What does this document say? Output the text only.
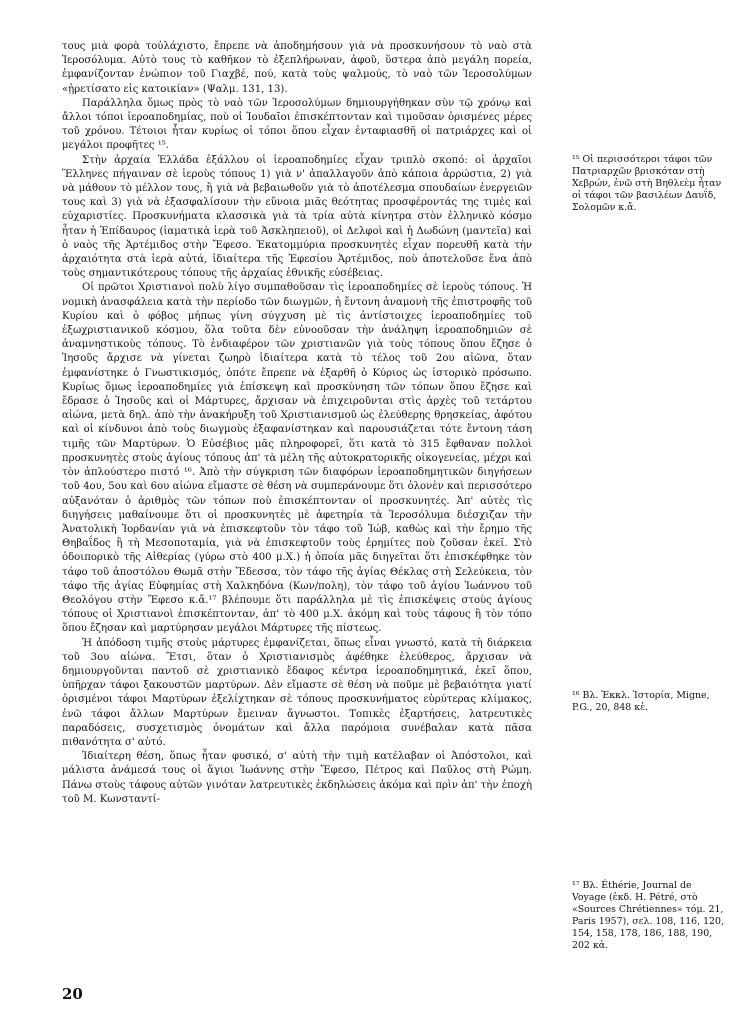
τους μιὰ φορὰ τοὐλάχιστο, ἔπρεπε νὰ ἀποδημήσουν γιὰ νὰ προσκυνήσουν τὸ ναὸ στὰ Ἱεροσόλυμα. Αὐτὸ τους τὸ καθῆκον τὸ ἐξεπλήρωναν, ἀφοῦ, ὕστερα ἀπὸ μεγάλη πορεία, ἐμφανίζονταν ἐνώπιον τοῦ Γιαχβέ, πού, κατὰ τοὺς ψαλμούς, τὸ ναὸ τῶν Ἱεροσολύμων «ᾑρετίσατο εἰς κατοικίαν» (Ψαλμ. 131, 13).

Παράλληλα ὅμως πρὸς τὸ ναὸ τῶν Ἱεροσολύμων δημιουργήθηκαν σὺν τῷ χρόνῳ καὶ ἄλλοι τόποι ἱεροαποδημίας, ποὺ οἱ Ἰουδαῖοι ἐπισκέπτονταν καὶ τιμοῦσαν ὁρισμένες μέρες τοῦ χρόνου. Τέτοιοι ἦταν κυρίως οἱ τόποι ὅπου εἶχαν ἐνταφιασθῆ οἱ πατριάρχες καὶ οἱ μεγάλοι προφῆτες ¹⁵.

Στὴν ἀρχαία Ἑλλάδα ἐξάλλου οἱ ἱεροαποδημίες εἶχαν τριπλὸ σκοπό: οἱ ἀρχαῖοι Ἕλληνες πήγαιναν σὲ ἱεροὺς τόπους 1) γιὰ ν' ἀπαλλαγοῦν ἀπὸ κάποια ἀρρώστια, 2) γιὰ νὰ μάθουν τὸ μέλλον τους, ἢ γιὰ νὰ βεβαιωθοῦν γιὰ τὸ ἀποτέλεσμα σπουδαίων ἐνεργειῶν τους καὶ 3) γιὰ νὰ ἐξασφαλίσουν τὴν εὔνοια μιᾶς θεότητας προσφέροντάς της τιμὲς καὶ εὐχαριστίες. Προσκυνήματα κλασσικὰ γιὰ τὰ τρία αὐτὰ κίνητρα στὸν ἑλληνικὸ κόσμο ἦταν ἡ Ἐπίδαυρος (ἰαματικὰ ἱερὰ τοῦ Ἀσκληπειοῦ), οἱ Δελφοὶ καὶ ἡ Δωδώνη (μαντεῖα) καὶ ὁ ναὸς τῆς Ἀρτέμιδος στὴν Ἔφεσο. Ἑκατομμύρια προσκυνητὲς εἶχαν πορευθῆ κατὰ τὴν ἀρχαιότητα στὰ ἱερὰ αὐτά, ἰδιαίτερα τῆς Ἐφεσίου Ἀρτέμιδος, ποὺ ἀποτελοῦσε ἕνα ἀπὸ τοὺς σημαντικότερους τόπους τῆς ἀρχαίας ἐθνικῆς εὐσέβειας.

Οἱ πρῶτοι Χριστιανοὶ πολὺ λίγο συμπαθοῦσαν τὶς ἱεροαποδημίες σὲ ἱεροὺς τόπους. Ἡ νομικὴ ἀνασφάλεια κατὰ τὴν περίοδο τῶν διωγμῶν, ἡ ἔντονη ἀναμονὴ τῆς ἐπιστροφῆς τοῦ Κυρίου καὶ ὁ φόβος μήπως γίνη σύγχυση μὲ τὶς ἀντίστοιχες ἱεροαποδημίες τοῦ ἐξωχριστιανικοῦ κόσμου, ὅλα τοῦτα δὲν εὐνοοῦσαν τὴν ἀνάληψη ἱεροαποδημιῶν σὲ ἀναμνηστικοὺς τόπους. Τὸ ἐνδιαφέρον τῶν χριστιανῶν γιὰ τοὺς τόπους ὅπου ἔζησε ὁ Ἰησοῦς ἄρχισε νὰ γίνεται ζωηρὸ ἰδιαίτερα κατὰ τὸ τέλος τοῦ 2ου αἰῶνα, ὅταν ἐμφανίστηκε ὁ Γνωστικισμός, ὁπότε ἔπρεπε νὰ ἐξαρθῆ ὁ Κύριος ὡς ἱστορικὸ πρόσωπο. Κυρίως ὅμως ἱεροαποδημίες γιὰ ἐπίσκεψη καὶ προσκύνηση τῶν τόπων ὅπου ἔζησε καὶ ἔδρασε ὁ Ἰησοῦς καὶ οἱ Μάρτυρες, ἄρχισαν νὰ ἐπιχειροῦνται στὶς ἀρχὲς τοῦ τετάρτου αἰώνα, μετὰ δηλ. ἀπὸ τὴν ἀνακήρυξη τοῦ Χριστιανισμοῦ ὡς ἐλεύθερης θρησκείας, ἀφότου καὶ οἱ κίνδυνοι ἀπὸ τοὺς διωγμοὺς ἐξαφανίστηκαν καὶ παρουσιάζεται τότε ἔντονη τάση τιμῆς τῶν Μαρτύρων. Ὁ Εὐσέβιος μᾶς πληροφορεῖ, ὅτι κατὰ τὸ 315 ἔφθαναν πολλοὶ προσκυνητὲς στοὺς ἁγίους τόπους ἀπ' τὰ μέλη τῆς αὐτοκρατορικῆς οἰκογενείας, μέχρι καὶ τὸν ἁπλούστερο πιστό ¹⁶. Ἀπὸ τὴν σύγκριση τῶν διαφόρων ἱεροαποδημητικῶν διηγήσεων τοῦ 4ου, 5ου καὶ 6ου αἰώνα εἴμαστε σὲ θέση νὰ συμπεράνουμε ὅτι ὁλονὲν καὶ περισσότερο αὐξανόταν ὁ ἀριθμὸς τῶν τόπων ποὺ ἐπισκέπτονταν οἱ προσκυνητές. Ἀπ' αὐτὲς τὶς διηγήσεις μαθαίνουμε ὅτι οἱ προσκυνητὲς μὲ ἀφετηρία τὰ Ἱεροσόλυμα διέσχιζαν τὴν Ἀνατολικὴ Ἰορδανίαν γιὰ νὰ ἐπισκεφτοῦν τὸν τάφο τοῦ Ἰώβ, καθὼς καὶ τὴν ἔρημο τῆς Θηβαΐδος ἢ τὴ Μεσοποταμία, γιὰ νὰ ἐπισκεφτοῦν τοὺς ἐρημίτες ποὺ ζοῦσαν ἐκεῖ. Στὸ ὁδοιπορικὸ τῆς Αἰθερίας (γύρω στὸ 400 μ.Χ.) ἡ ὁποία μᾶς διηγεῖται ὅτι ἐπισκέφθηκε τὸν τάφο τοῦ ἀποστόλου Θωμᾶ στὴν Ἔδεσσα, τὸν τάφο τῆς ἁγίας Θέκλας στὴ Σελεύκεια, τὸν τάφο τῆς ἁγίας Εὐφημίας στὴ Χαλκηδόνα (Κων/πολη), τὸν τάφο τοῦ ἁγίου Ἰωάννου τοῦ Θεολόγου στὴν Ἔφεσο κ.ἄ.¹⁷ βλέπουμε ὅτι παράλληλα μὲ τὶς ἐπισκέψεις στοὺς ἁγίους τόπους οἱ Χριστιανοὶ ἐπισκέπτονταν, ἀπ' τὸ 400 μ.Χ. ἀκόμη καὶ τοὺς τάφους ἢ τὸν τόπο ὅπου ἔζησαν καὶ μαρτύρησαν μεγάλοι Μάρτυρες τῆς πίστεως.

Ἡ ἀπόδοση τιμῆς στοὺς μάρτυρες ἐμφανίζεται, ὅπως εἶναι γνωστό, κατὰ τὴ διάρκεια τοῦ 3ου αἰώνα. Ἔτσι, ὅταν ὁ Χριστιανισμὸς ἀφέθηκε ἐλεύθερος, ἄρχισαν νὰ δημιουργοῦνται παντοῦ σὲ χριστιανικὸ ἔδαφος κέντρα ἱεροαποδημητικά, ἐκεῖ ὅπου, ὑπῆρχαν τάφοι ξακουστῶν μαρτύρων. Δὲν εἴμαστε σὲ θέση νὰ ποῦμε μὲ βεβαιότητα γιατί ὁρισμένοι τάφοι Μαρτύρων ἐξελίχτηκαν σὲ τόπους προσκυνήματος εὐρύτερας κλίμακος, ἐνῶ τάφοι ἄλλων Μαρτύρων ἔμειναν ἄγνωστοι. Τοπικὲς ἐξαρτήσεις, λατρευτικὲς παραδόσεις, συσχετισμὸς ὀνομάτων καὶ ἄλλα παρόμοια συνέβαλαν κατὰ πᾶσα πιθανότητα σ' αὐτό.

Ἰδιαίτερη θέση, ὅπως ἦταν φυσικό, σ' αὐτὴ τὴν τιμὴ κατέλαβαν οἱ Ἀπόστολοι, καὶ μάλιστα ἀνάμεσά τους οἱ ἅγιοι Ἰωάννης στὴν Ἔφεσο, Πέτρος καὶ Παῦλος στὴ Ρώμη. Πάνω στοὺς τάφους αὐτῶν γινόταν λατρευτικὲς ἐκδηλώσεις ἀκόμα καὶ πρὶν ἀπ' τὴν ἐποχὴ τοῦ Μ. Κωνσταντί-

¹⁵ Οἱ περισσότεροι τάφοι τῶν Πατριαρχῶν βρισκόταν στὴ Χεβρών, ἐνῶ στὴ Βηθλεὲμ ἦταν οἱ τάφοι τῶν βασιλέων Δαυΐδ, Σολομῶν κ.ἄ.
¹⁶ Βλ. Ἐκκλ. Ἱστορία, Migne, P.G., 20, 848 κἑ.
¹⁷ Βλ. Éthérie, Journal de Voyage (ἐκδ. H. Pétré, στὸ «Sources Chrétiennes» τόμ. 21, Paris 1957), σελ. 108, 116, 120, 154, 158, 178, 186, 188, 190, 202 κἀ.
20
